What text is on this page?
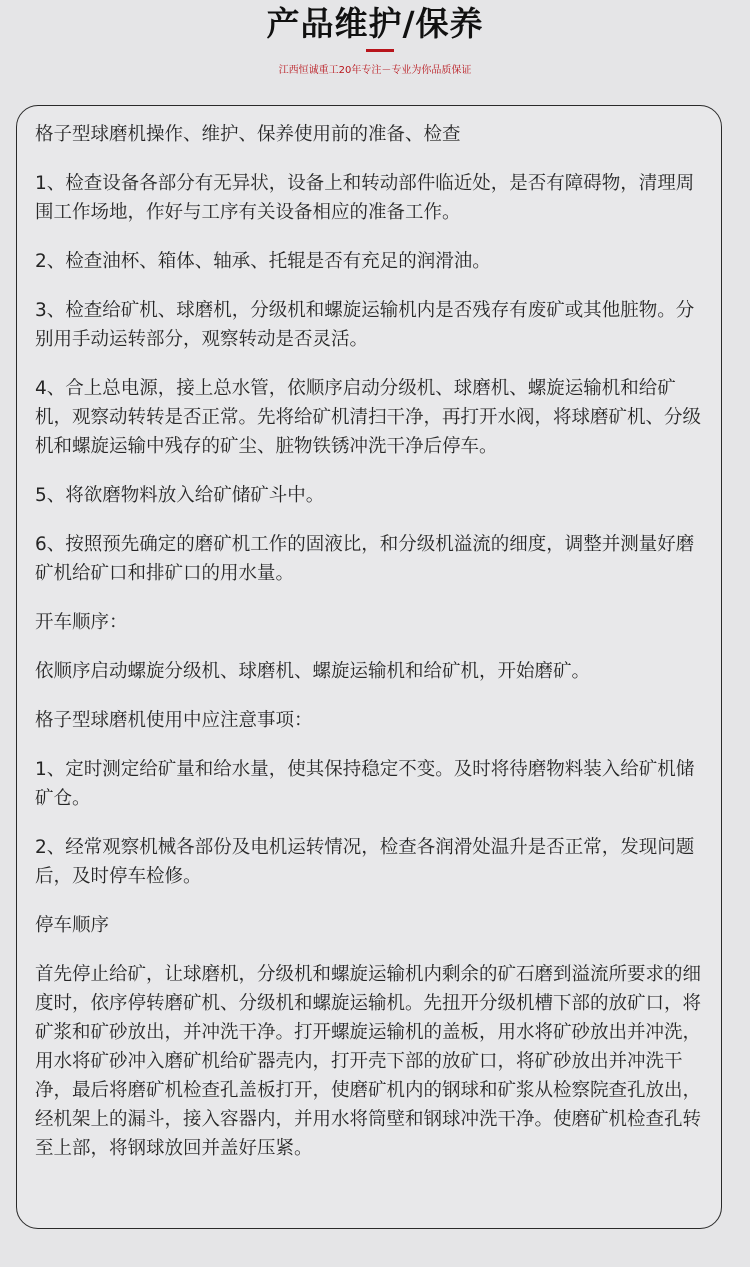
产品维护/保养
江西恒诚重工20年专注－专业为你品质保证

格子型球磨机操作、维护、保养使用前的准备、检查

1、检查设备各部分有无异状，设备上和转动部件临近处，是否有障碍物，清理周围工作场地，作好与工序有关设备相应的准备工作。

2、检查油杯、箱体、轴承、托辊是否有充足的润滑油。

3、检查给矿机、球磨机，分级机和螺旋运输机内是否残存有废矿或其他脏物。分别用手动运转部分，观察转动是否灵活。

4、合上总电源，接上总水管，依顺序启动分级机、球磨机、螺旋运输机和给矿机，观察动转转是否正常。先将给矿机清扫干净，再打开水阀，将球磨矿机、分级机和螺旋运输中残存的矿尘、脏物铁锈冲洗干净后停车。

5、将欲磨物料放入给矿储矿斗中。

6、按照预先确定的磨矿机工作的固液比，和分级机溢流的细度，调整并测量好磨矿机给矿口和排矿口的用水量。

开车顺序：

依顺序启动螺旋分级机、球磨机、螺旋运输机和给矿机，开始磨矿。

格子型球磨机使用中应注意事项：

1、定时测定给矿量和给水量，使其保持稳定不变。及时将待磨物料装入给矿机储矿仓。

2、经常观察机械各部份及电机运转情况，检查各润滑处温升是否正常，发现问题后，及时停车检修。

停车顺序

首先停止给矿，让球磨机，分级机和螺旋运输机内剩余的矿石磨到溢流所要求的细度时，依序停转磨矿机、分级机和螺旋运输机。先扭开分级机槽下部的放矿口，将矿浆和矿砂放出，并冲洗干净。打开螺旋运输机的盖板，用水将矿砂放出并冲洗，用水将矿砂冲入磨矿机给矿器壳内，打开壳下部的放矿口，将矿砂放出并冲洗干净，最后将磨矿机检查孔盖板打开，使磨矿机内的钢球和矿浆从检察院查孔放出，经机架上的漏斗，接入容器内，并用水将筒壁和钢球冲洗干净。使磨矿机检查孔转至上部，将钢球放回并盖好压紧。
